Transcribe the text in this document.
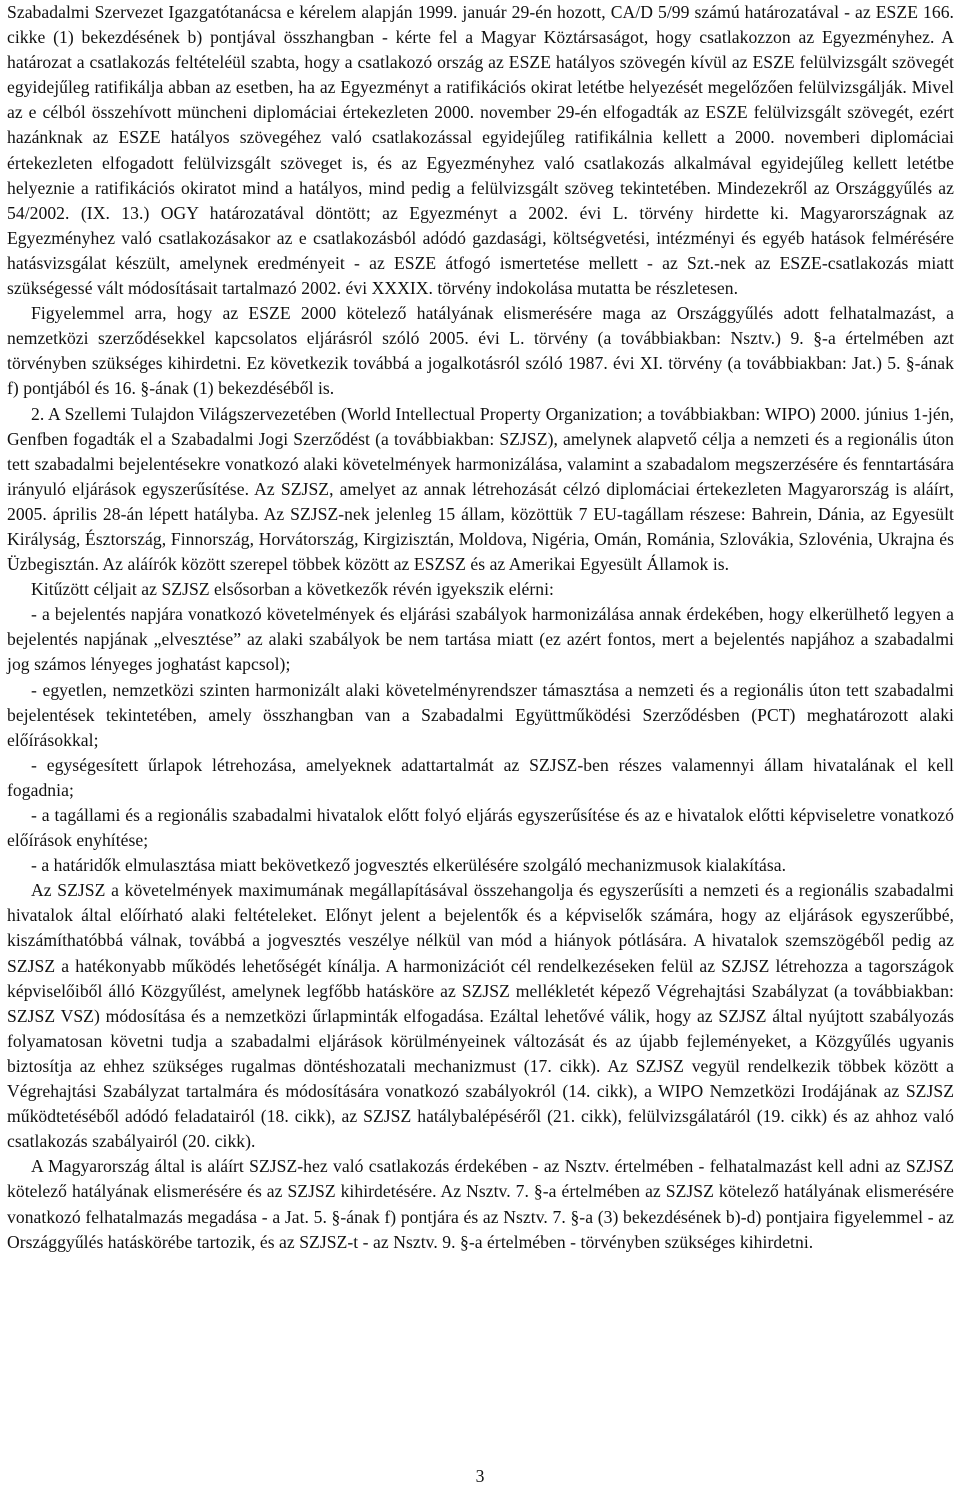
Szabadalmi Szervezet Igazgatótanácsa e kérelem alapján 1999. január 29-én hozott, CA/D 5/99 számú határozatával - az ESZE 166. cikke (1) bekezdésének b) pontjával összhangban - kérte fel a Magyar Köztársaságot, hogy csatlakozzon az Egyezményhez. A határozat a csatlakozás feltételéül szabta, hogy a csatlakozó ország az ESZE hatályos szövegén kívül az ESZE felülvizsgált szövegét egyidejűleg ratifikálja abban az esetben, ha az Egyezményt a ratifikációs okirat letétbe helyezését megelőzően felülvizsgálják. Mivel az e célból összehívott müncheni diplomáciai értekezleten 2000. november 29-én elfogadták az ESZE felülvizsgált szövegét, ezért hazánknak az ESZE hatályos szövegéhez való csatlakozással egyidejűleg ratifikálnia kellett a 2000. novemberi diplomáciai értekezleten elfogadott felülvizsgált szöveget is, és az Egyezményhez való csatlakozás alkalmával egyidejűleg kellett letétbe helyeznie a ratifikációs okiratot mind a hatályos, mind pedig a felülvizsgált szöveg tekintetében. Mindezekről az Országgyűlés az 54/2002. (IX. 13.) OGY határozatával döntött; az Egyezményt a 2002. évi L. törvény hirdette ki. Magyarországnak az Egyezményhez való csatlakozásakor az e csatlakozásból adódó gazdasági, költségvetési, intézményi és egyéb hatások felmérésére hatásvizsgálat készült, amelynek eredményeit - az ESZE átfogó ismertetése mellett - az Szt.-nek az ESZE-csatlakozás miatt szükségessé vált módosításait tartalmazó 2002. évi XXXIX. törvény indokolása mutatta be részletesen.

Figyelemmel arra, hogy az ESZE 2000 kötelező hatályának elismerésére maga az Országgyűlés adott felhatalmazást, a nemzetközi szerződésekkel kapcsolatos eljárásról szóló 2005. évi L. törvény (a továbbiakban: Nsztv.) 9. §-a értelmében azt törvényben szükséges kihirdetni. Ez következik továbbá a jogalkotásról szóló 1987. évi XI. törvény (a továbbiakban: Jat.) 5. §-ának f) pontjából és 16. §-ának (1) bekezdéséből is.

2. A Szellemi Tulajdon Világszervezetében (World Intellectual Property Organization; a továbbiakban: WIPO) 2000. június 1-jén, Genfben fogadták el a Szabadalmi Jogi Szerződést (a továbbiakban: SZJSZ), amelynek alapvető célja a nemzeti és a regionális úton tett szabadalmi bejelentésekre vonatkozó alaki követelmények harmonizálása, valamint a szabadalom megszerzésére és fenntartására irányuló eljárások egyszerűsítése. Az SZJSZ, amelyet az annak létrehozását célzó diplomáciai értekezleten Magyarország is aláírt, 2005. április 28-án lépett hatályba. Az SZJSZ-nek jelenleg 15 állam, közöttük 7 EU-tagállam részese: Bahrein, Dánia, az Egyesült Királyság, Észtország, Finnország, Horvátország, Kirgizisztán, Moldova, Nigéria, Omán, Románia, Szlovákia, Szlovénia, Ukrajna és Üzbegisztán. Az aláírók között szerepel többek között az ESZSZ és az Amerikai Egyesült Államok is.

Kitűzött céljait az SZJSZ elsősorban a következők révén igyekszik elérni:

- a bejelentés napjára vonatkozó követelmények és eljárási szabályok harmonizálása annak érdekében, hogy elkerülhető legyen a bejelentés napjának „elvesztése” az alaki szabályok be nem tartása miatt (ez azért fontos, mert a bejelentés napjához a szabadalmi jog számos lényeges joghatást kapcsol);

- egyetlen, nemzetközi szinten harmonizált alaki követelményrendszer támasztása a nemzeti és a regionális úton tett szabadalmi bejelentések tekintetében, amely összhangban van a Szabadalmi Együttműködési Szerződésben (PCT) meghatározott alaki előírásokkal;

- egységesített űrlapok létrehozása, amelyeknek adattartalmát az SZJSZ-ben részes valamennyi állam hivatalának el kell fogadnia;

- a tagállami és a regionális szabadalmi hivatalok előtt folyó eljárás egyszerűsítése és az e hivatalok előtti képviseletre vonatkozó előírások enyhítése;

- a határidők elmulasztása miatt bekövetkező jogvesztés elkerülésére szolgáló mechanizmusok kialakítása.

Az SZJSZ a követelmények maximumának megállapításával összehangolja és egyszerűsíti a nemzeti és a regionális szabadalmi hivatalok által előírható alaki feltételeket. Előnyt jelent a bejelentők és a képviselők számára, hogy az eljárások egyszerűbbé, kiszámíthatóbbá válnak, továbbá a jogvesztés veszélye nélkül van mód a hiányok pótlására. A hivatalok szemszögéből pedig az SZJSZ a hatékonyabb működés lehetőségét kínálja. A harmonizációt cél rendelkezéseken felül az SZJSZ létrehozza a tagországok képviselőiből álló Közgyűlést, amelynek legfőbb hatásköre az SZJSZ mellékletét képező Végrehajtási Szabályzat (a továbbiakban: SZJSZ VSZ) módosítása és a nemzetközi űrlapminták elfogadása. Ezáltal lehetővé válik, hogy az SZJSZ által nyújtott szabályozás folyamatosan követni tudja a szabadalmi eljárások körülményeinek változását és az újabb fejleményeket, a Közgyűlés ugyanis biztosítja az ehhez szükséges rugalmas döntéshozatali mechanizmust (17. cikk). Az SZJSZ vegyül rendelkezik többek között a Végrehajtási Szabályzat tartalmára és módosítására vonatkozó szabályokról (14. cikk), a WIPO Nemzetközi Irodájának az SZJSZ működtetéséből adódó feladatairól (18. cikk), az SZJSZ hatálybalépéséről (21. cikk), felülvizsgálatáról (19. cikk) és az ahhoz való csatlakozás szabályairól (20. cikk).

A Magyarország által is aláírt SZJSZ-hez való csatlakozás érdekében - az Nsztv. értelmében - felhatalmazást kell adni az SZJSZ kötelező hatályának elismerésére és az SZJSZ kihirdetésére. Az Nsztv. 7. §-a értelmében az SZJSZ kötelező hatályának elismerésére vonatkozó felhatalmazás megadása - a Jat. 5. §-ának f) pontjára és az Nsztv. 7. §-a (3) bekezdésének b)-d) pontjaira figyelemmel - az Országgyűlés hatáskörébe tartozik, és az SZJSZ-t - az Nsztv. 9. §-a értelmében - törvényben szükséges kihirdetni.

3
